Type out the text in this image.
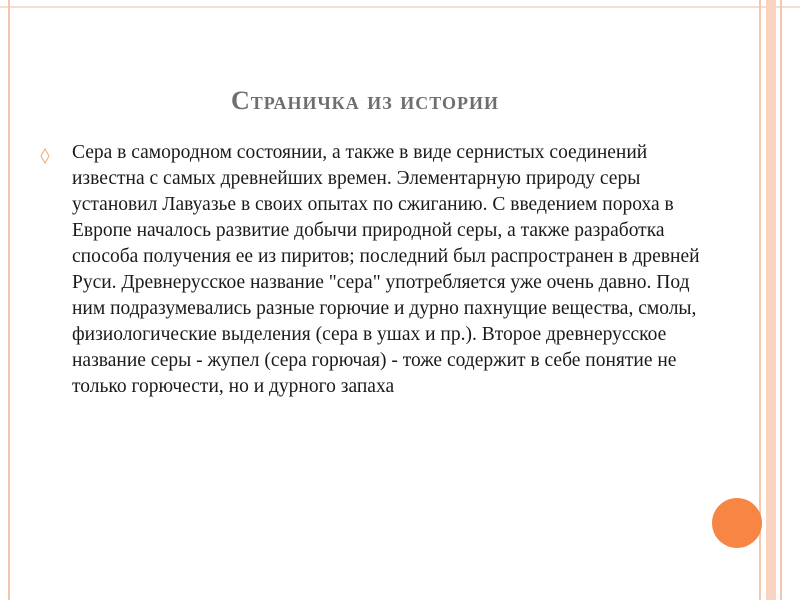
Страничка из истории

Сера в самородном состоянии, а также в виде сернистых соединений известна с самых древнейших времен. Элементарную природу серы установил Лавуазье в своих опытах по сжиганию. С введением пороха в Европе началось развитие добычи природной серы, а также разработка способа получения ее из пиритов; последний был распространен в древней Руси. Древнерусское название "сера" употребляется уже очень давно. Под ним подразумевались разные горючие и дурно пахнущие вещества, смолы, физиологические выделения (сера в ушах и пр.). Второе древнерусское название серы - жупел (сера горючая) - тоже содержит в себе понятие не только горючести, но и дурного запаха
